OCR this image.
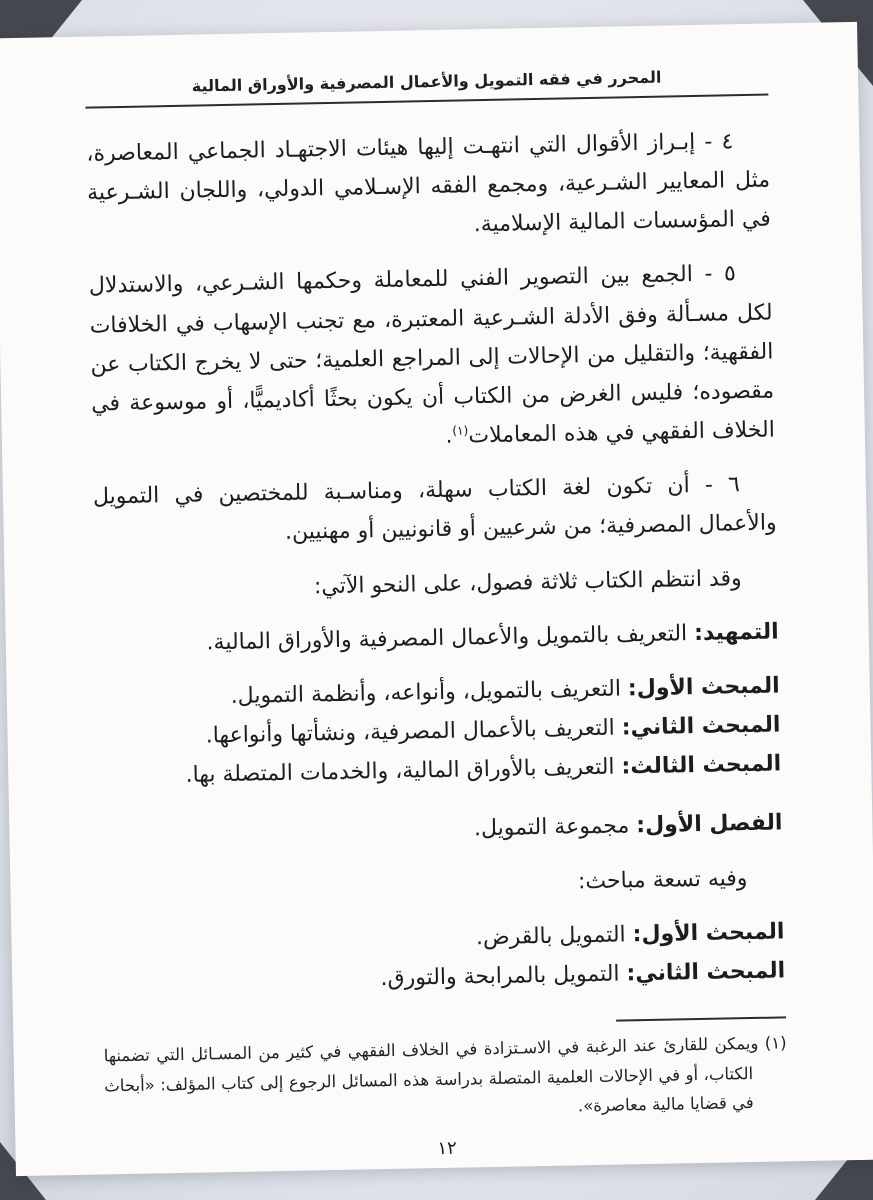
المحرر في فقه التمويل والأعمال المصرفية والأوراق المالية

٤ - إبـراز الأقوال التي انتهـت إليها هيئات الاجتهـاد الجماعي المعاصرة، مثل المعايير الشـرعية، ومجمع الفقه الإسـلامي الدولي، واللجان الشـرعية في المؤسسات المالية الإسلامية.

٥ - الجمع بين التصوير الفني للمعاملة وحكمها الشـرعي، والاستدلال لكل مسـألة وفق الأدلة الشـرعية المعتبرة، مع تجنب الإسهاب في الخلافات الفقهية؛ والتقليل من الإحالات إلى المراجع العلمية؛ حتى لا يخرج الكتاب عن مقصوده؛ فليس الغرض من الكتاب أن يكون بحثًا أكاديميًّا، أو موسوعة في الخلاف الفقهي في هذه المعاملات$^{(١)}$.

٦ - أن تكون لغة الكتاب سهلة، ومناسـبة للمختصين في التمويل والأعمال المصرفية؛ من شرعيين أو قانونيين أو مهنيين.

وقد انتظم الكتاب ثلاثة فصول، على النحو الآتي:

التمهيد: التعريف بالتمويل والأعمال المصرفية والأوراق المالية.

المبحث الأول: التعريف بالتمويل، وأنواعه، وأنظمة التمويل.

المبحث الثاني: التعريف بالأعمال المصرفية، ونشأتها وأنواعها.

المبحث الثالث: التعريف بالأوراق المالية، والخدمات المتصلة بها.

الفصل الأول: مجموعة التمويل.

وفيه تسعة مباحث:

المبحث الأول: التمويل بالقرض.

المبحث الثاني: التمويل بالمرابحة والتورق.

(١) ويمكن للقارئ عند الرغبة في الاسـتزادة في الخلاف الفقهي في كثير من المسـائل التي تضمنها الكتاب، أو في الإحالات العلمية المتصلة بدراسة هذه المسائل الرجوع إلى كتاب المؤلف: «أبحاث في قضايا مالية معاصرة».

١٢
